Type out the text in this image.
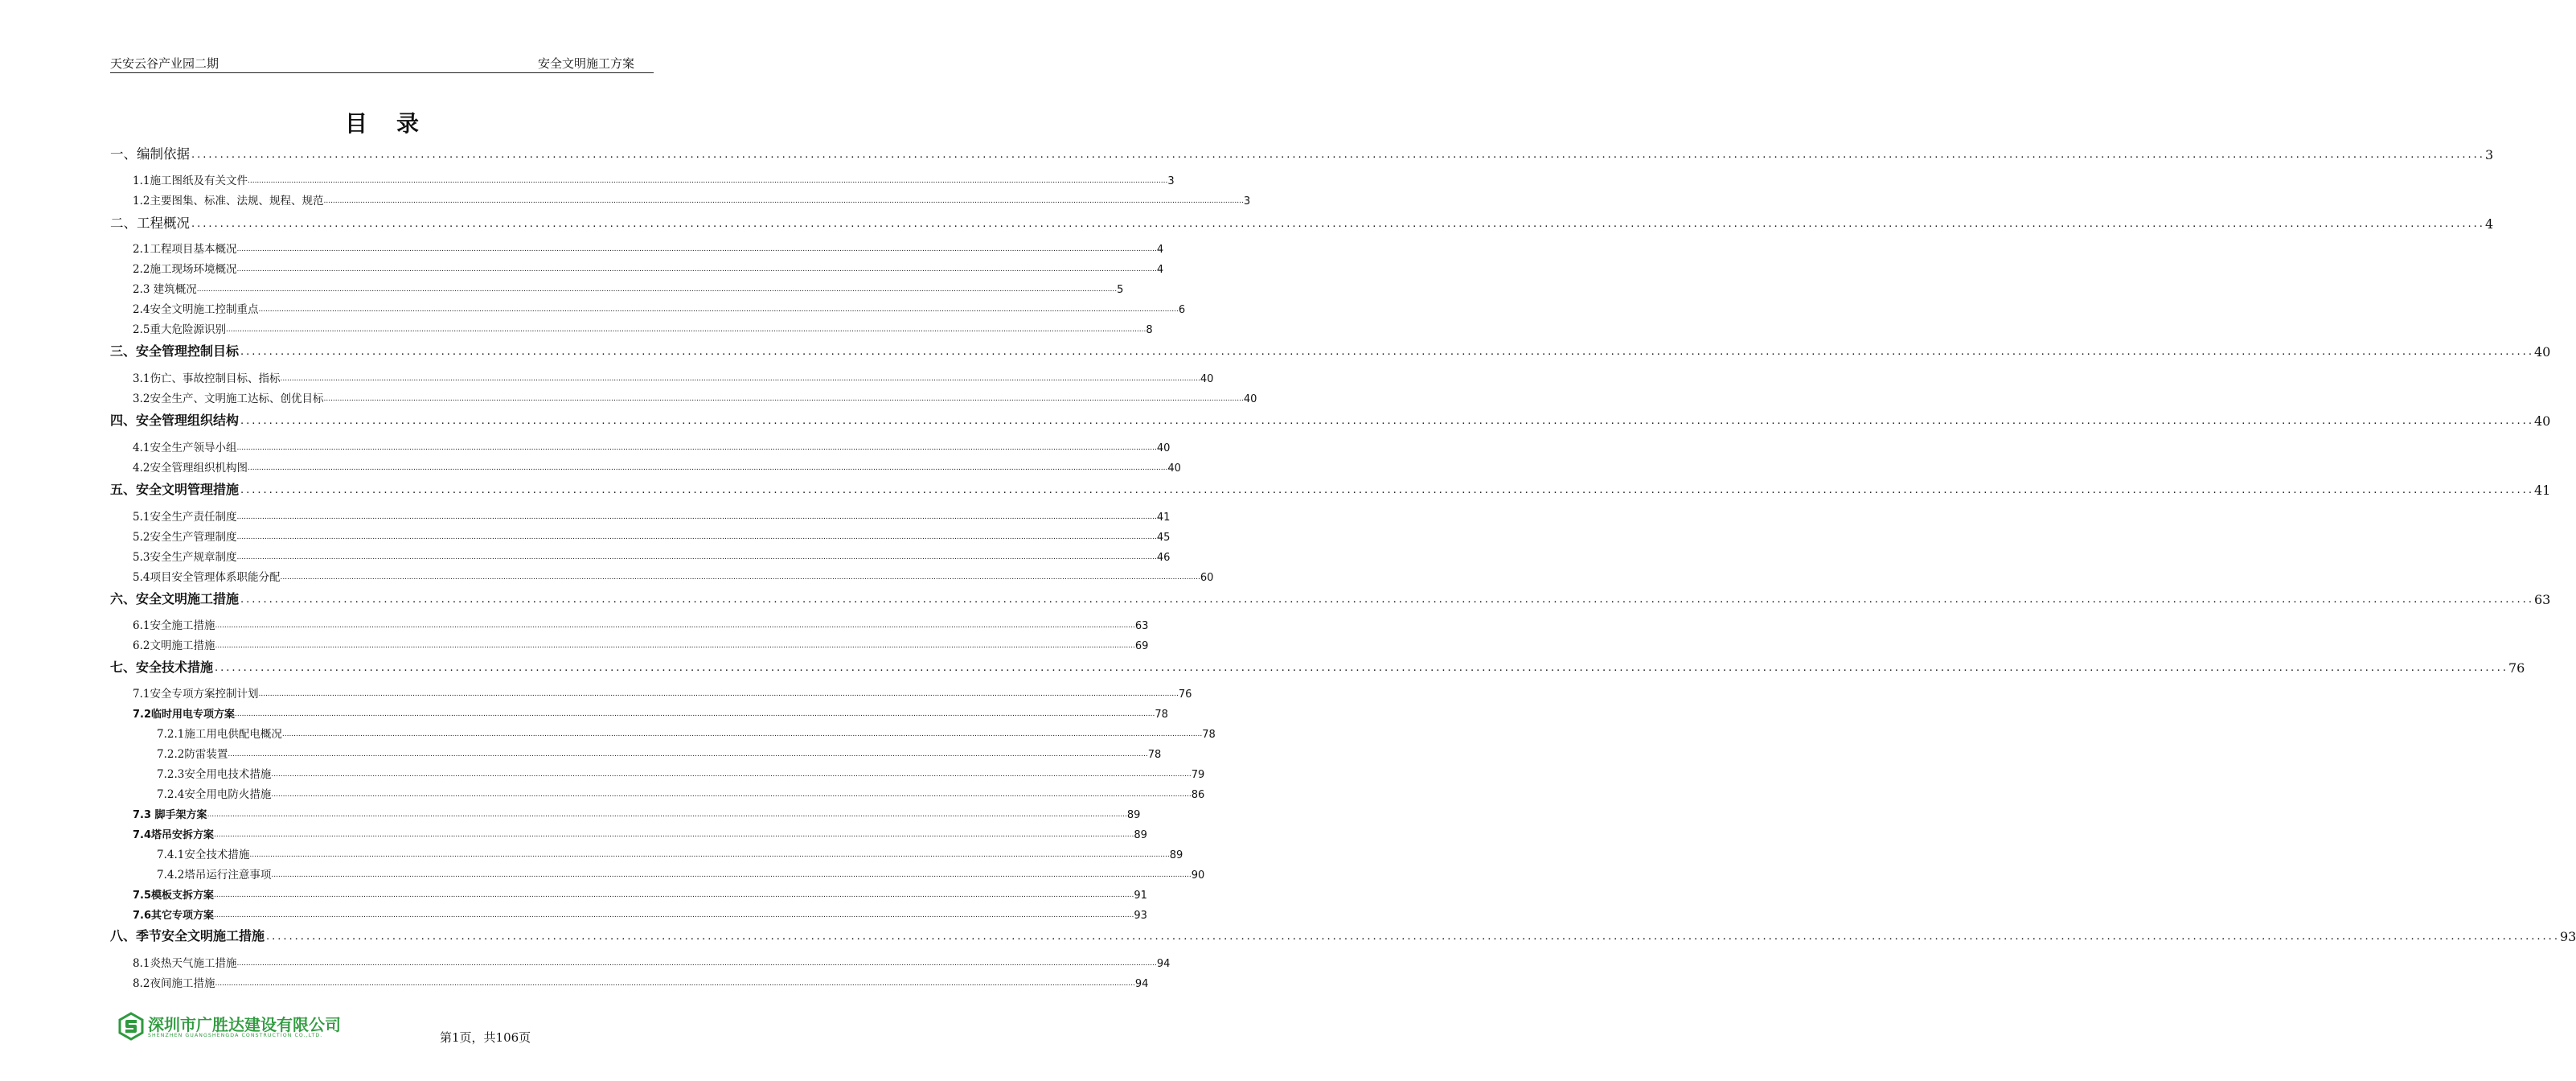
天安云谷产业园二期	安全文明施工方案
目录
一、编制依据 ................................................................................................................................................................................................................................................................................................................................................................................................................ 3
1.1施工图纸及有关文件 ................................................................................................................................................................................................................................................................................................................................................................................................................ 3
1.2主要图集、标准、法规、规程、规范 ................................................................................................................................................................................................................................................................................................................................................................................................................ 3
二、工程概况 ................................................................................................................................................................................................................................................................................................................................................................................................................ 4
2.1工程项目基本概况 ................................................................................................................................................................................................................................................................................................................................................................................................................ 4
2.2施工现场环境概况 ................................................................................................................................................................................................................................................................................................................................................................................................................ 4
2.3 建筑概况 ................................................................................................................................................................................................................................................................................................................................................................................................................ 5
2.4安全文明施工控制重点 ................................................................................................................................................................................................................................................................................................................................................................................................................ 6
2.5重大危险源识别 ................................................................................................................................................................................................................................................................................................................................................................................................................ 8
三、安全管理控制目标 ................................................................................................................................................................................................................................................................................................................................................................................................................ 40
3.1伤亡、事故控制目标、指标 ................................................................................................................................................................................................................................................................................................................................................................................................................ 40
3.2安全生产、文明施工达标、创优目标 ................................................................................................................................................................................................................................................................................................................................................................................................................ 40
四、安全管理组织结构 ................................................................................................................................................................................................................................................................................................................................................................................................................ 40
4.1安全生产领导小组 ................................................................................................................................................................................................................................................................................................................................................................................................................ 40
4.2安全管理组织机构图 ................................................................................................................................................................................................................................................................................................................................................................................................................ 40
五、安全文明管理措施 ................................................................................................................................................................................................................................................................................................................................................................................................................ 41
5.1安全生产责任制度 ................................................................................................................................................................................................................................................................................................................................................................................................................ 41
5.2安全生产管理制度 ................................................................................................................................................................................................................................................................................................................................................................................................................ 45
5.3安全生产规章制度 ................................................................................................................................................................................................................................................................................................................................................................................................................ 46
5.4项目安全管理体系职能分配 ................................................................................................................................................................................................................................................................................................................................................................................................................ 60
六、安全文明施工措施 ................................................................................................................................................................................................................................................................................................................................................................................................................ 63
6.1安全施工措施 ................................................................................................................................................................................................................................................................................................................................................................................................................ 63
6.2文明施工措施 ................................................................................................................................................................................................................................................................................................................................................................................................................ 69
七、安全技术措施 ................................................................................................................................................................................................................................................................................................................................................................................................................ 76
7.1安全专项方案控制计划 ................................................................................................................................................................................................................................................................................................................................................................................................................ 76
7.2临时用电专项方案 ................................................................................................................................................................................................................................................................................................................................................................................................................ 78
7.2.1施工用电供配电概况 ................................................................................................................................................................................................................................................................................................................................................................................................................ 78
7.2.2防雷装置 ................................................................................................................................................................................................................................................................................................................................................................................................................ 78
7.2.3安全用电技术措施 ................................................................................................................................................................................................................................................................................................................................................................................................................ 79
7.2.4安全用电防火措施 ................................................................................................................................................................................................................................................................................................................................................................................................................ 86
7.3 脚手架方案 ................................................................................................................................................................................................................................................................................................................................................................................................................ 89
7.4塔吊安拆方案 ................................................................................................................................................................................................................................................................................................................................................................................................................ 89
7.4.1安全技术措施 ................................................................................................................................................................................................................................................................................................................................................................................................................ 89
7.4.2塔吊运行注意事项 ................................................................................................................................................................................................................................................................................................................................................................................................................ 90
7.5模板支拆方案 ................................................................................................................................................................................................................................................................................................................................................................................................................ 91
7.6其它专项方案 ................................................................................................................................................................................................................................................................................................................................................................................................................ 93
八、季节安全文明施工措施 ................................................................................................................................................................................................................................................................................................................................................................................................................ 93
8.1炎热天气施工措施 ................................................................................................................................................................................................................................................................................................................................................................................................................ 94
8.2夜间施工措施 ................................................................................................................................................................................................................................................................................................................................................................................................................ 94
深圳市广胜达建设有限公司
SHENZHEN GUANGSHENGDA CONSTRUCTION CO.,LTD.	第1页，共106页
